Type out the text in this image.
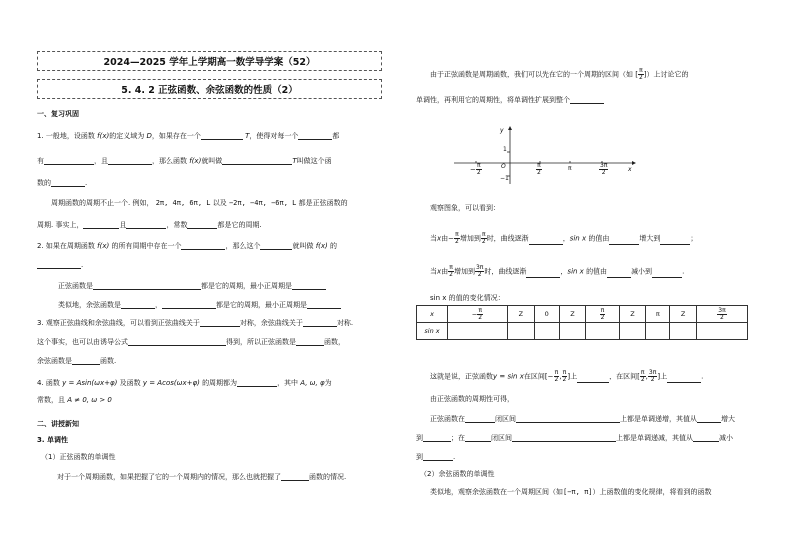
2024—2025 学年上学期高一数学导学案（52）
5. 4. 2 正弦函数、余弦函数的性质（2）
一、复习巩固
1. 一般地，设函数 f(x)的定义域为 D，如果存在一个	T，使得对每一个	都
有	，且	，那么函数 f(x)就叫做	T叫做这个函
数的	.
周期函数的周期不止一个. 例如， 2π, 4π, 6π, L 以及 −2π, −4π, −6π, L 都是正弦函数的
周期. 事实上，	且	，常数	都是它的周期.
2. 如果在周期函数 f(x) 的所有周期中存在一个	，那么这个	就叫做 f(x) 的
.
正弦函数是	都是它的周期，最小正周期是
类似地，余弦函数是	，	都是它的周期，最小正周期是
3. 观察正弦曲线和余弦曲线，可以看到正弦曲线关于	对称，余弦曲线关于	对称.
这个事实，也可以由诱导公式	得到，所以正弦函数是	函数，
余弦函数是	函数.
4. 函数 y = Asin(ωx+φ) 及函数 y = Acos(ωx+φ) 的周期都为	，其中 A, ω, φ为
常数，且 A ≠ 0, ω > 0
二、讲授新知
3. 单调性
（1）正弦函数的单调性
对于一个周期函数，如果把握了它的一个周期内的情况，那么也就把握了	函数的情况.
由于正弦函数是周期函数，我们可以先在它的一个周期的区间（如 [ $\frac{\pi}{2}$ ]）上讨论它的
单调性，再利用它的周期性，将单调性扩展到整个
y
x
1
−1
O	π
− $\frac{\pi}{2}$	$\frac{\pi}{2}$	$\frac{3\pi}{2}$
观察图象，可以看到：
当x由− $\frac{\pi}{2}$ 增加到 $\frac{\pi}{2}$ 时，曲线逐渐	，sin x 的值由	增大到	；
当x由 $\frac{\pi}{2}$ 增加到 $\frac{3\pi}{2}$ 时，曲线逐渐	，sin x 的值由	减小到	.
sin x 的值的变化情况：
x	− $\frac{\pi}{2}$	Z	0	Z	$\frac{\pi}{2}$	Z	π	Z	$\frac{3\pi}{2}$

sin x									
这就是说，正弦函数y = sin x在区间[− $\frac{\pi}{2}$ , $\frac{\pi}{2}$ ]上	，在区间[ $\frac{\pi}{2}$ , $\frac{3\pi}{2}$ ]上	.
由正弦函数的周期性可得，
正弦函数在	闭区间	上都是单调递增，其值从	增大
到	；在	闭区间	上都是单调递减，其值从	减小
到	.
（2）余弦函数的单调性
类似地，观察余弦函数在一个周期区间（如[−π, π]）上函数值的变化规律，将看到的函数
